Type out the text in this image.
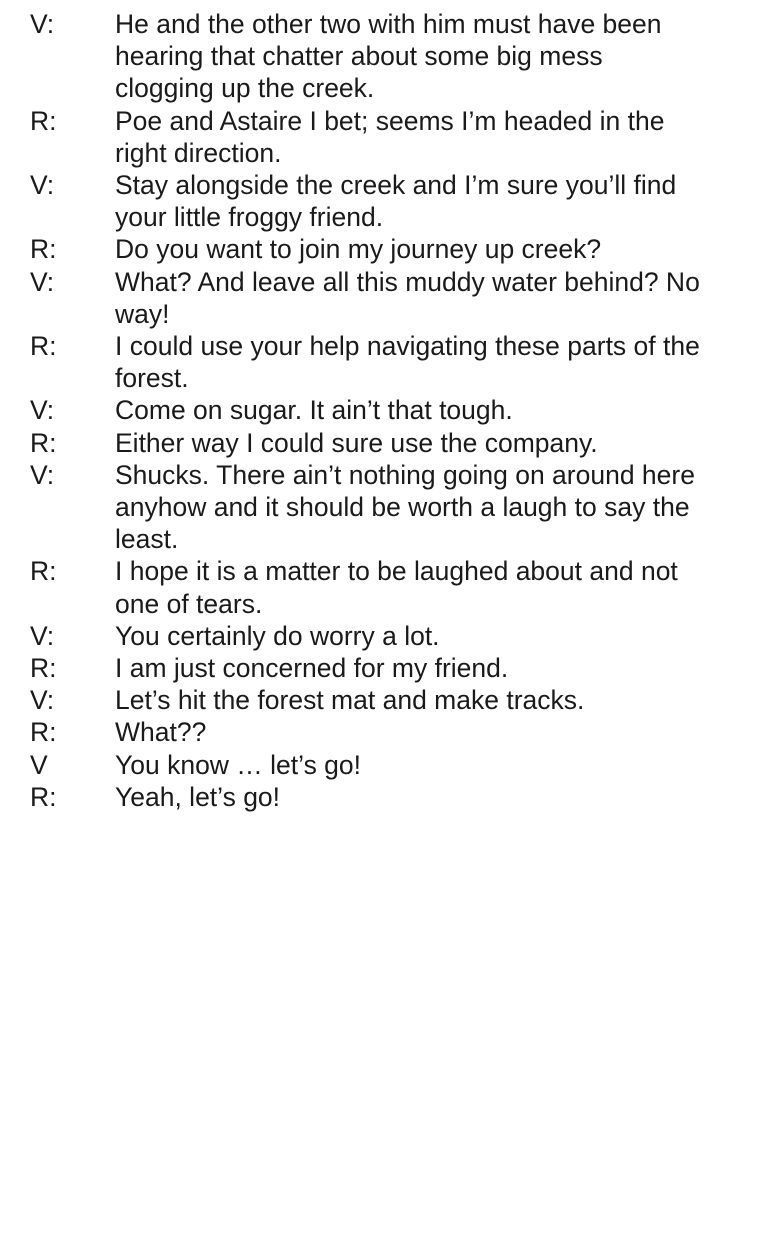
V:	He and the other two with him must have been hearing that chatter about some big mess clogging up the creek.
R:	Poe and Astaire I bet; seems I’m headed in the right direction.
V:	Stay alongside the creek and I’m sure you’ll find your little froggy friend.
R:	Do you want to join my journey up creek?
V:	What? And leave all this muddy water behind? No way!
R:	I could use your help navigating these parts of the forest.
V:	Come on sugar. It ain’t that tough.
R:	Either way I could sure use the company.
V:	Shucks. There ain’t nothing going on around here anyhow and it should be worth a laugh to say the least.
R:	I hope it is a matter to be laughed about and not one of tears.
V:	You certainly do worry a lot.
R:	I am just concerned for my friend.
V:	Let’s hit the forest mat and make tracks.
R:	What??
V	You know … let’s go!
R:	Yeah, let’s go!
